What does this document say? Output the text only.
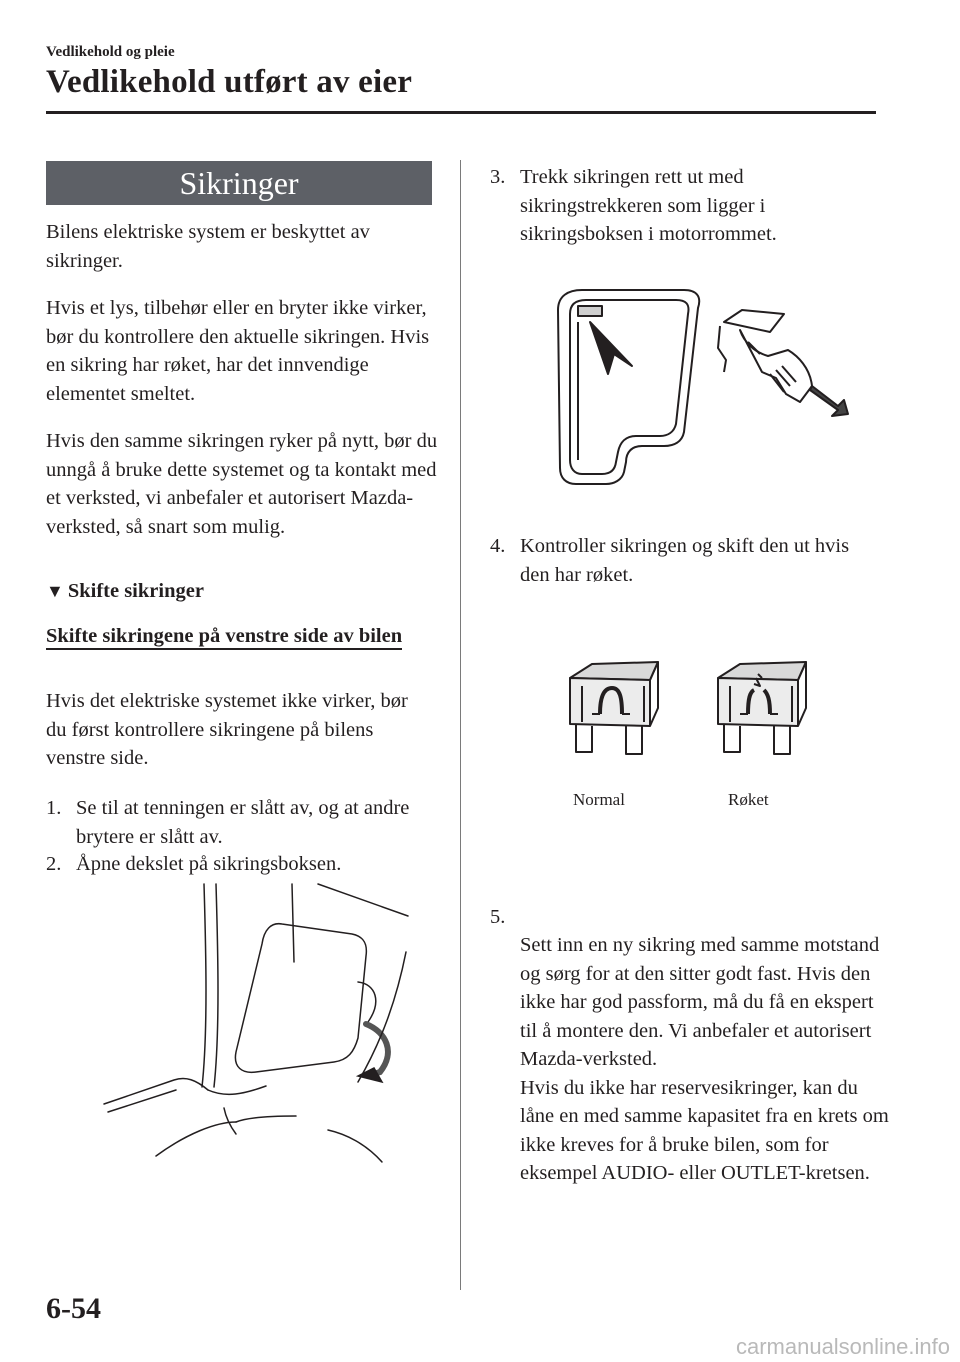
Vedlikehold og pleie
Vedlikehold utført av eier
Sikringer
Bilens elektriske system er beskyttet av sikringer.
Hvis et lys, tilbehør eller en bryter ikke virker, bør du kontrollere den aktuelle sikringen. Hvis en sikring har røket, har det innvendige elementet smeltet.
Hvis den samme sikringen ryker på nytt, bør du unngå å bruke dette systemet og ta kontakt med et verksted, vi anbefaler et autorisert Mazda-verksted, så snart som mulig.
▼ Skifte sikringer
Skifte sikringene på venstre side av bilen
Hvis det elektriske systemet ikke virker, bør du først kontrollere sikringene på bilens venstre side.
1. Se til at tenningen er slått av, og at andre brytere er slått av.
2. Åpne dekslet på sikringsboksen.
3. Trekk sikringen rett ut med sikringstrekkeren som ligger i sikringsboksen i motorrommet.
4. Kontroller sikringen og skift den ut hvis den har røket.
Normal	Røket

5.

Sett inn en ny sikring med samme motstand og sørg for at den sitter godt fast. Hvis den ikke har god passform, må du få en ekspert til å montere den. Vi anbefaler et autorisert Mazda-verksted.
Hvis du ikke har reservesikringer, kan du låne en med samme kapasitet fra en krets om ikke kreves for å bruke bilen, som for eksempel AUDIO- eller OUTLET-kretsen.

6-54
carmanualsonline.info
